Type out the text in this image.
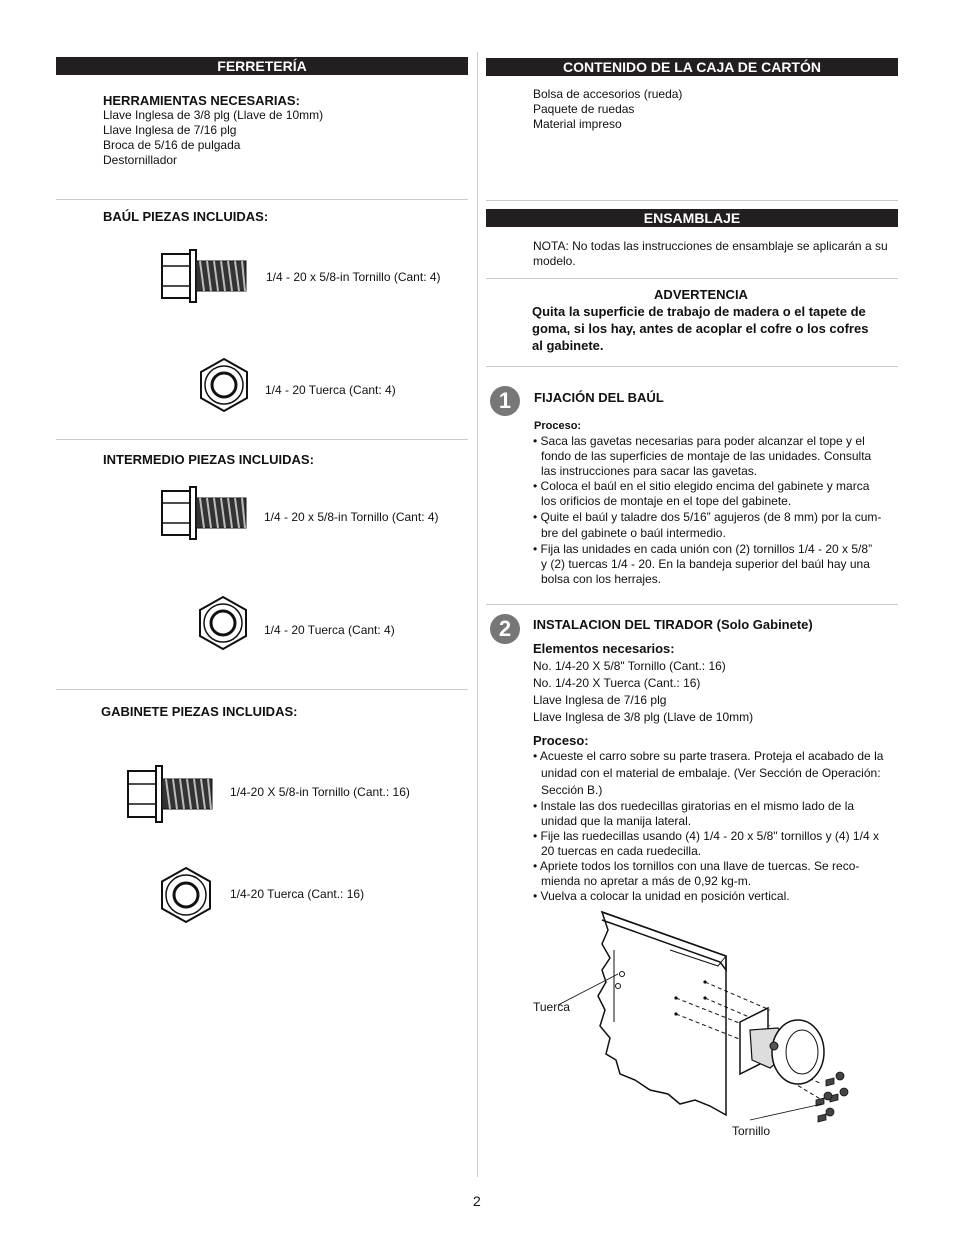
FERRETERÍA
HERRAMIENTAS NECESARIAS:
Llave Inglesa de 3/8 plg (Llave de 10mm)
Llave Inglesa de 7/16 plg
Broca de 5/16 de pulgada
Destornillador
BAÚL PIEZAS INCLUIDAS:
1/4 - 20 x 5/8-in Tornillo (Cant: 4)
1/4 - 20 Tuerca (Cant: 4)
INTERMEDIO PIEZAS INCLUIDAS:
1/4 - 20 x 5/8-in Tornillo (Cant: 4)
1/4 - 20 Tuerca (Cant: 4)
GABINETE PIEZAS INCLUIDAS:
1/4-20 X 5/8-in Tornillo (Cant.: 16)
1/4-20 Tuerca (Cant.: 16)
CONTENIDO DE LA CAJA DE CARTÓN
Bolsa de accesorios (rueda)
Paquete de ruedas
Material impreso
ENSAMBLAJE
NOTA: No todas las instrucciones de ensamblaje se aplicarán a su
modelo.
ADVERTENCIA
Quita la superficie de trabajo de madera o el tapete de
goma, si los hay, antes de acoplar el cofre o los cofres
al gabinete.
1	FIJACIÓN DEL BAÚL
Proceso:
• Saca las gavetas necesarias para poder alcanzar el tope y el
fondo de las superficies de montaje de las unidades. Consulta
las instrucciones para sacar las gavetas.
• Coloca el baúl en el sitio elegido encima del gabinete y marca
los orificios de montaje en el tope del gabinete.
• Quite el baúl y taladre dos 5/16” agujeros (de 8 mm) por la cum-
bre del gabinete o baúl intermedio.
• Fija las unidades en cada unión con (2) tornillos 1/4 - 20 x 5/8”
y (2) tuercas 1/4 - 20. En la bandeja superior del baúl hay una
bolsa con los herrajes.
2	INSTALACION DEL TIRADOR (Solo Gabinete)
Elementos necesarios:
No. 1/4-20 X 5/8" Tornillo (Cant.: 16)
No. 1/4-20 X Tuerca (Cant.: 16)
Llave Inglesa de 7/16 plg
Llave Inglesa de 3/8 plg (Llave de 10mm)
Proceso:
• Acueste el carro sobre su parte trasera. Proteja el acabado de la
unidad con el material de embalaje. (Ver Sección de Operación:
Sección B.)
• Instale las dos ruedecillas giratorias en el mismo lado de la
unidad que la manija lateral.
• Fije las ruedecillas usando (4) 1/4 - 20 x 5/8" tornillos y (4) 1/4 x
20 tuercas en cada ruedecilla.
• Apriete todos los tornillos con una llave de tuercas. Se reco-
mienda no apretar a más de 0,92 kg-m.
• Vuelva a colocar la unidad en posición vertical.
Tuerca
Tornillo
2
